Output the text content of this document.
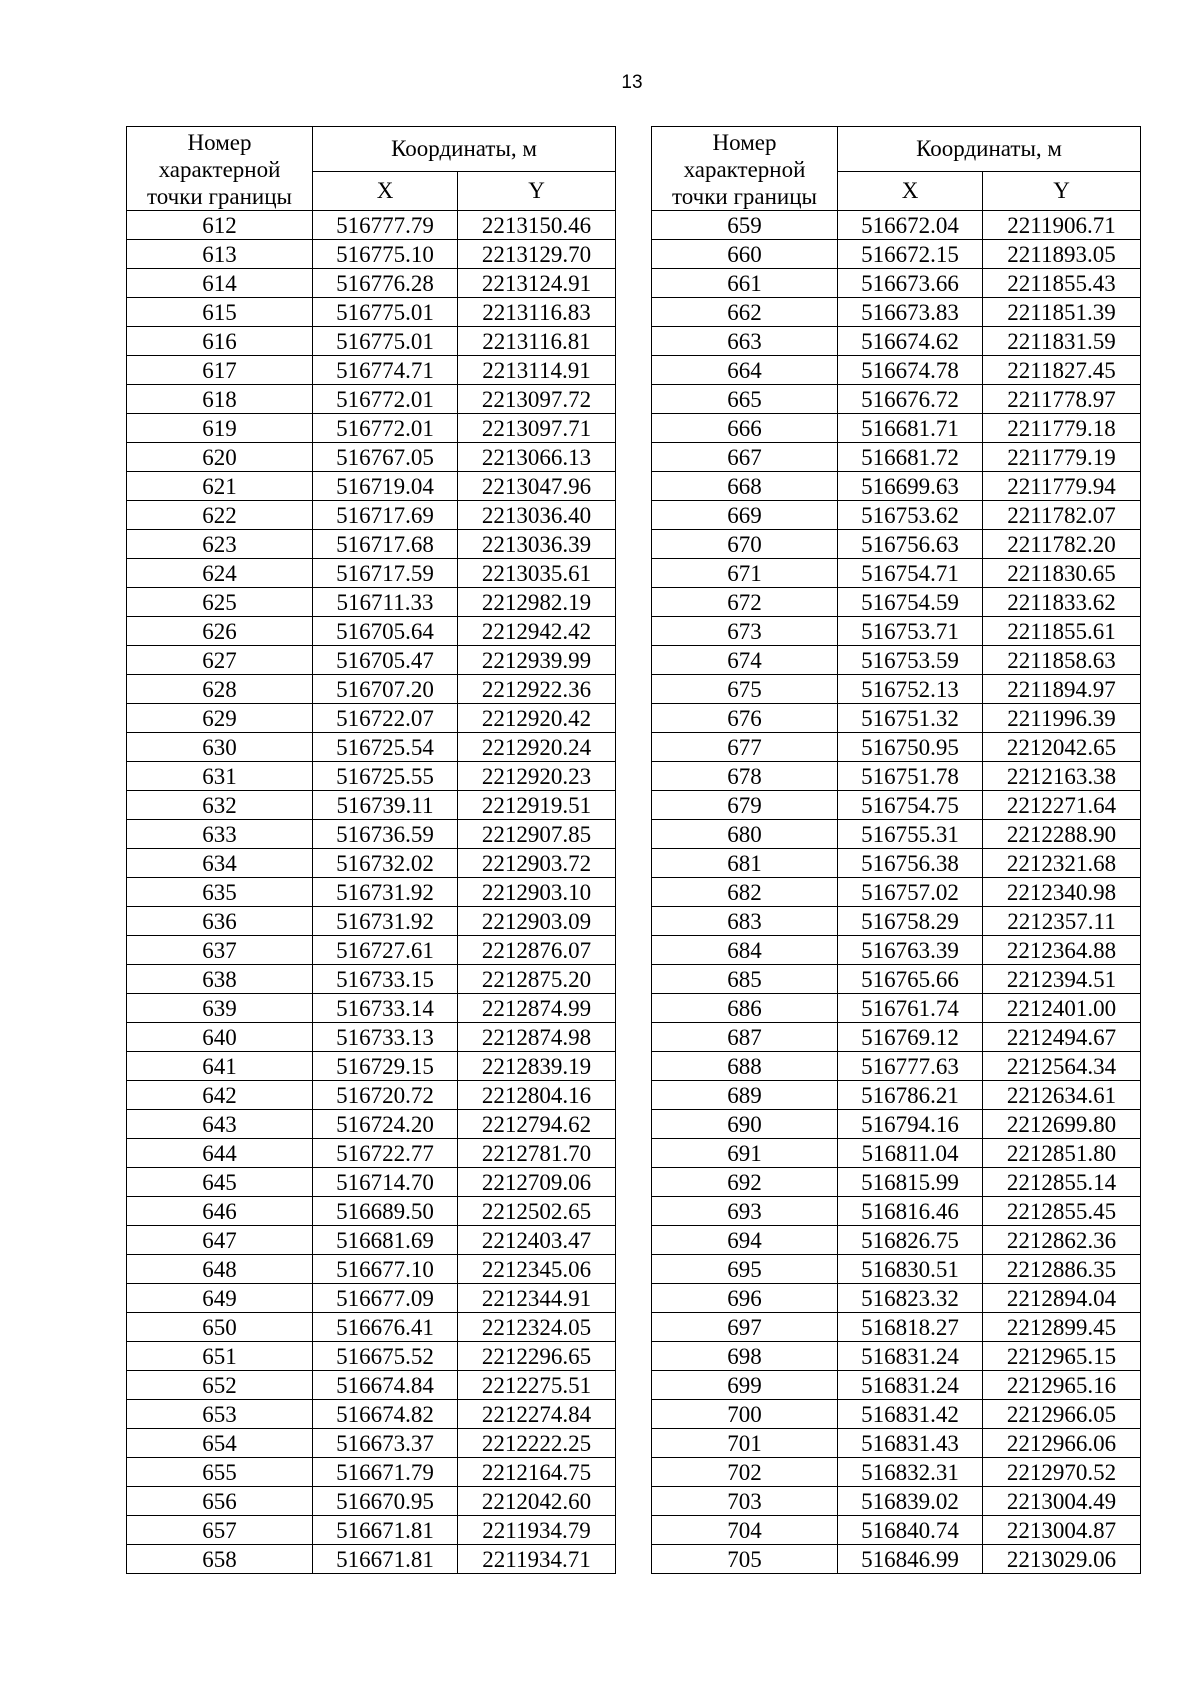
13
Номер
характерной
точки границы	Координаты, м	
	X	Y
612	516777.79	2213150.46
613	516775.10	2213129.70
614	516776.28	2213124.91
615	516775.01	2213116.83
616	516775.01	2213116.81
617	516774.71	2213114.91
618	516772.01	2213097.72
619	516772.01	2213097.71
620	516767.05	2213066.13
621	516719.04	2213047.96
622	516717.69	2213036.40
623	516717.68	2213036.39
624	516717.59	2213035.61
625	516711.33	2212982.19
626	516705.64	2212942.42
627	516705.47	2212939.99
628	516707.20	2212922.36
629	516722.07	2212920.42
630	516725.54	2212920.24
631	516725.55	2212920.23
632	516739.11	2212919.51
633	516736.59	2212907.85
634	516732.02	2212903.72
635	516731.92	2212903.10
636	516731.92	2212903.09
637	516727.61	2212876.07
638	516733.15	2212875.20
639	516733.14	2212874.99
640	516733.13	2212874.98
641	516729.15	2212839.19
642	516720.72	2212804.16
643	516724.20	2212794.62
644	516722.77	2212781.70
645	516714.70	2212709.06
646	516689.50	2212502.65
647	516681.69	2212403.47
648	516677.10	2212345.06
649	516677.09	2212344.91
650	516676.41	2212324.05
651	516675.52	2212296.65
652	516674.84	2212275.51
653	516674.82	2212274.84
654	516673.37	2212222.25
655	516671.79	2212164.75
656	516670.95	2212042.60
657	516671.81	2211934.79
658	516671.81	2211934.71
Номер
характерной
точки границы	Координаты, м	
	X	Y
659	516672.04	2211906.71
660	516672.15	2211893.05
661	516673.66	2211855.43
662	516673.83	2211851.39
663	516674.62	2211831.59
664	516674.78	2211827.45
665	516676.72	2211778.97
666	516681.71	2211779.18
667	516681.72	2211779.19
668	516699.63	2211779.94
669	516753.62	2211782.07
670	516756.63	2211782.20
671	516754.71	2211830.65
672	516754.59	2211833.62
673	516753.71	2211855.61
674	516753.59	2211858.63
675	516752.13	2211894.97
676	516751.32	2211996.39
677	516750.95	2212042.65
678	516751.78	2212163.38
679	516754.75	2212271.64
680	516755.31	2212288.90
681	516756.38	2212321.68
682	516757.02	2212340.98
683	516758.29	2212357.11
684	516763.39	2212364.88
685	516765.66	2212394.51
686	516761.74	2212401.00
687	516769.12	2212494.67
688	516777.63	2212564.34
689	516786.21	2212634.61
690	516794.16	2212699.80
691	516811.04	2212851.80
692	516815.99	2212855.14
693	516816.46	2212855.45
694	516826.75	2212862.36
695	516830.51	2212886.35
696	516823.32	2212894.04
697	516818.27	2212899.45
698	516831.24	2212965.15
699	516831.24	2212965.16
700	516831.42	2212966.05
701	516831.43	2212966.06
702	516832.31	2212970.52
703	516839.02	2213004.49
704	516840.74	2213004.87
705	516846.99	2213029.06
